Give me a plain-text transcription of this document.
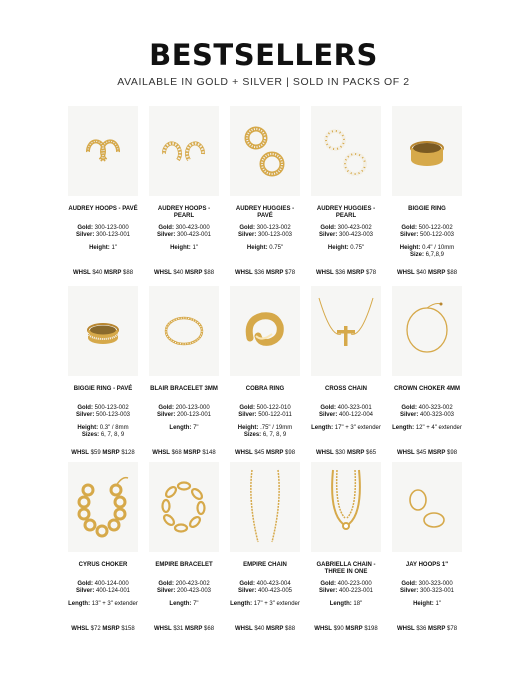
BESTSELLERS
AVAILABLE IN GOLD + SILVER | SOLD IN PACKS OF 2
AUDREY HOOPS - PAVÉ
Gold: 300-123-000
Silver: 300-123-001
Height: 1"
WHSL $40 MSRP $88
AUDREY HOOPS - PEARL
Gold: 300-423-000
Silver: 300-423-001
Height: 1"
WHSL $40 MSRP $88
AUDREY HUGGIES - PAVÉ
Gold: 300-123-002
Silver: 300-123-003
Height: 0.75"
WHSL $36 MSRP $78
AUDREY HUGGIES - PEARL
Gold: 300-423-002
Silver: 300-423-003
Height: 0.75"
WHSL $36 MSRP $78
BIGGIE RING
Gold: 500-122-002
Silver: 500-122-003
Height: 0.4" / 10mm
Size: 6,7,8,9
WHSL $40 MSRP $88
BIGGIE RING - PAVÉ
Gold: 500-123-002
Silver: 500-123-003
Height: 0.3" / 8mm
Sizes: 6, 7, 8, 9
WHSL $59 MSRP $128
BLAIR BRACELET 3MM
Gold: 200-123-000
Silver: 200-123-001
Length: 7"
WHSL $68 MSRP $148
COBRA RING
Gold: 500-122-010
Silver: 500-122-011
Height: .75" / 19mm
Sizes: 6, 7, 8, 9
WHSL $45 MSRP $98
CROSS CHAIN
Gold: 400-323-001
Silver: 400-122-004
Length: 17" + 3" extender
WHSL $30 MSRP $65
CROWN CHOKER 4MM
Gold: 400-323-002
Silver: 400-323-003
Length: 12" + 4" extender
WHSL $45 MSRP $98
CYRUS CHOKER
Gold: 400-124-000
Silver: 400-124-001
Length: 13" + 3" extender
WHSL $72 MSRP $158
EMPIRE BRACELET
Gold: 200-423-002
Silver: 200-423-003
Length: 7"
WHSL $31 MSRP $68
EMPIRE CHAIN
Gold: 400-423-004
Silver: 400-423-005
Length: 17" + 3" extender
WHSL $40 MSRP $88
GABRIELLA CHAIN - THREE IN ONE
Gold: 400-223-000
Silver: 400-223-001
Length: 18"
WHSL $90 MSRP $198
JAY HOOPS 1"
Gold: 300-323-000
Silver: 300-323-001
Height: 1"
WHSL $36 MSRP $78
